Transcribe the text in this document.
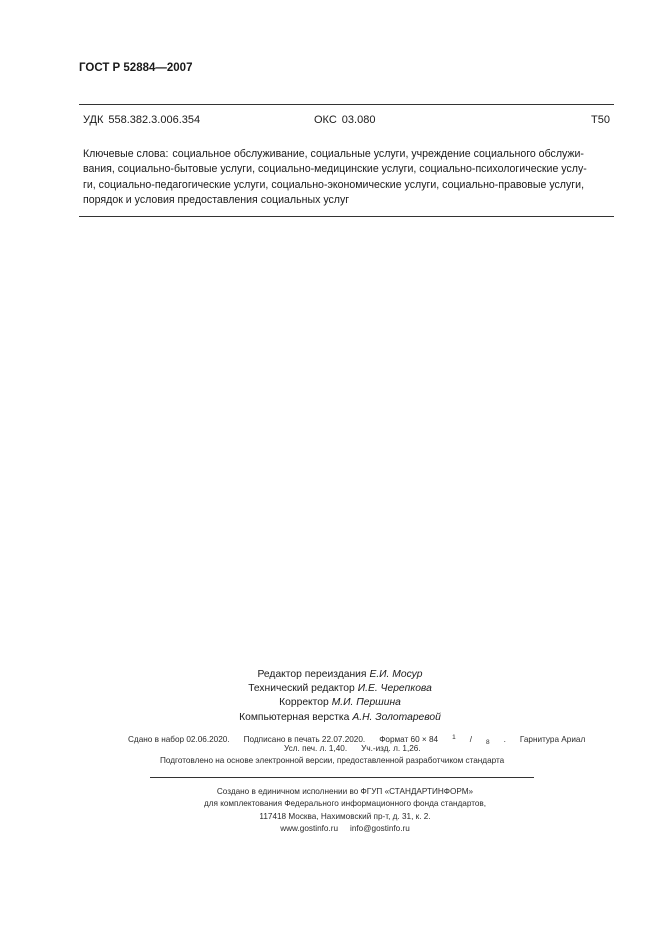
ГОСТ Р 52884—2007
УДК 558.382.3.006.354	ОКС 03.080	Т50
Ключевые слова: социальное обслуживание, социальные услуги, учреждение социального обслужи-
вания, социально-бытовые услуги, социально-медицинские услуги, социально-психологические услу-
ги, социально-педагогические услуги, социально-экономические услуги, социально-правовые услуги,
порядок и условия предоставления социальных услуг
Редактор переиздания Е.И. Мосур
Технический редактор И.Е. Черепкова
Корректор М.И. Першина
Компьютерная верстка А.Н. Золотаревой
Сдано в набор 02.06.2020. Подписано в печать 22.07.2020. Формат 60 × 84 $^1$ / $_8$ . Гарнитура Ариал
Усл. печ. л. 1,40. Уч.-изд. л. 1,26.
Подготовлено на основе электронной версии, предоставленной разработчиком стандарта
Создано в единичном исполнении во ФГУП «СТАНДАРТИНФОРМ»
для комплектования Федерального информационного фонда стандартов,
117418 Москва, Нахимовский пр-т, д. 31, к. 2.
www.gostinfo.ru info@gostinfo.ru
